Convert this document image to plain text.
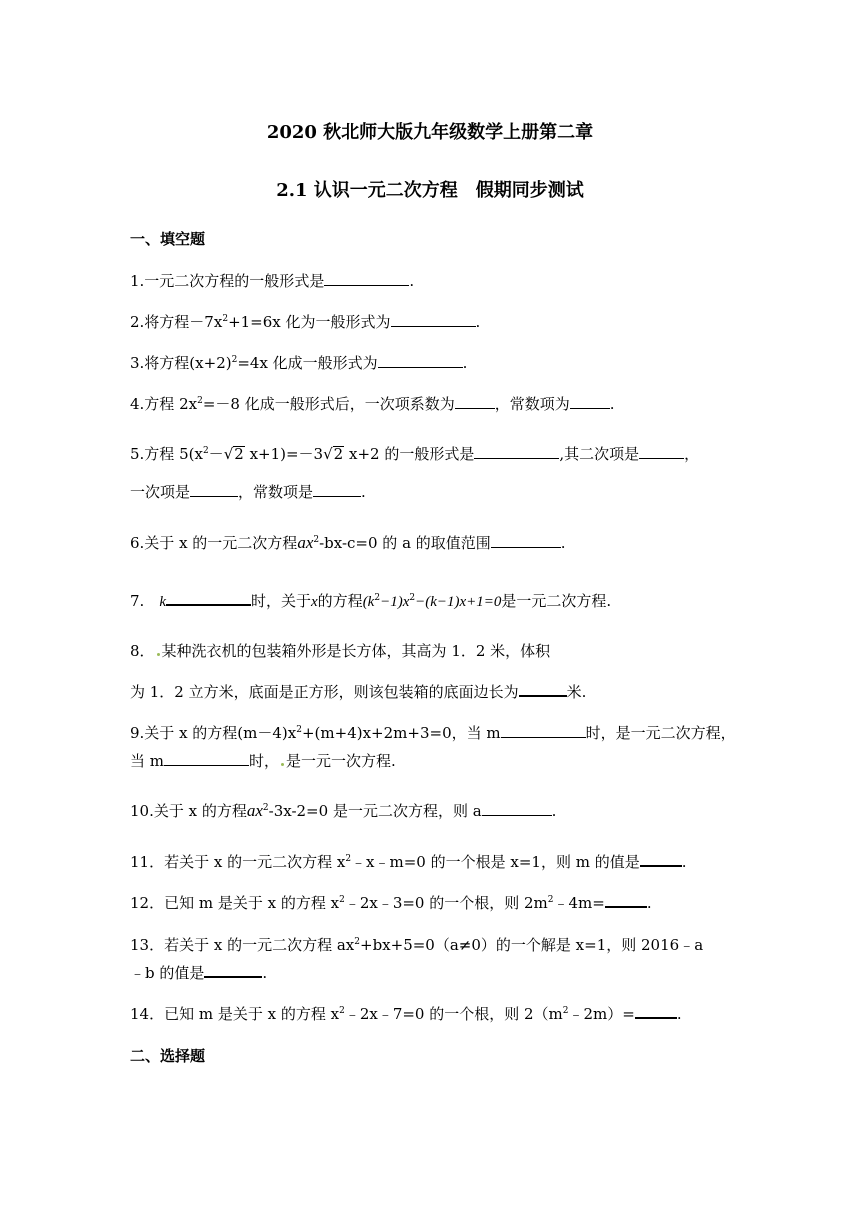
2020 秋北师大版九年级数学上册第二章
2.1 认识一元二次方程　假期同步测试
一、填空题
1.一元二次方程的一般形式是	.
2.将方程$-7x^2+1=6x$ 化为一般形式为	.
3.将方程$(x+2)^2=4x$ 化成一般形式为	.
4.方程 $2x^2=-8$ 化成一般形式后，一次项系数为	，常数项为	.
5.方程 $5(x^2-√2$ x+1)=－3√2 x+2 的一般形式是	,其二次项是	，
一次项是	，常数项是	.
6.关于 x 的一元二次方程$ax^2-bx-c=0$ 的 a 的取值范围	.
7.　k	时，关于x的方程$(k^2-1)x^2-(k-1)x+1=0$是一元二次方程.
8． 某种洗衣机的包装箱外形是长方体，其高为 1．2 米，体积
为 1．2 立方米，底面是正方形，则该包装箱的底面边长为	米.
9.关于 x 的方程$(m-4)x^2+(m+4)x+2m+3=0$，当 m	时，是一元二次方程，
当 m	时， 是一元一次方程.
10.关于 x 的方程$ax^2-3x-2=0$ 是一元二次方程，则 a	.
11．若关于 x 的一元二次方程 $x^2﹣x﹣m=0$ 的一个根是 x=1，则 m 的值是	.
12．已知 m 是关于 x 的方程 $x^2﹣2x﹣3=0$ 的一个根，则 $2m^2﹣4m=$	.
13．若关于 x 的一元二次方程 $ax^2+bx+5=0(a\ne 0)$的一个解是 x=1，则 2016﹣a
﹣b 的值是	.
14．已知 m 是关于 x 的方程 $x^2﹣2x﹣7=0$ 的一个根，则 $2(m^2﹣2m)=$	.
二、选择题
